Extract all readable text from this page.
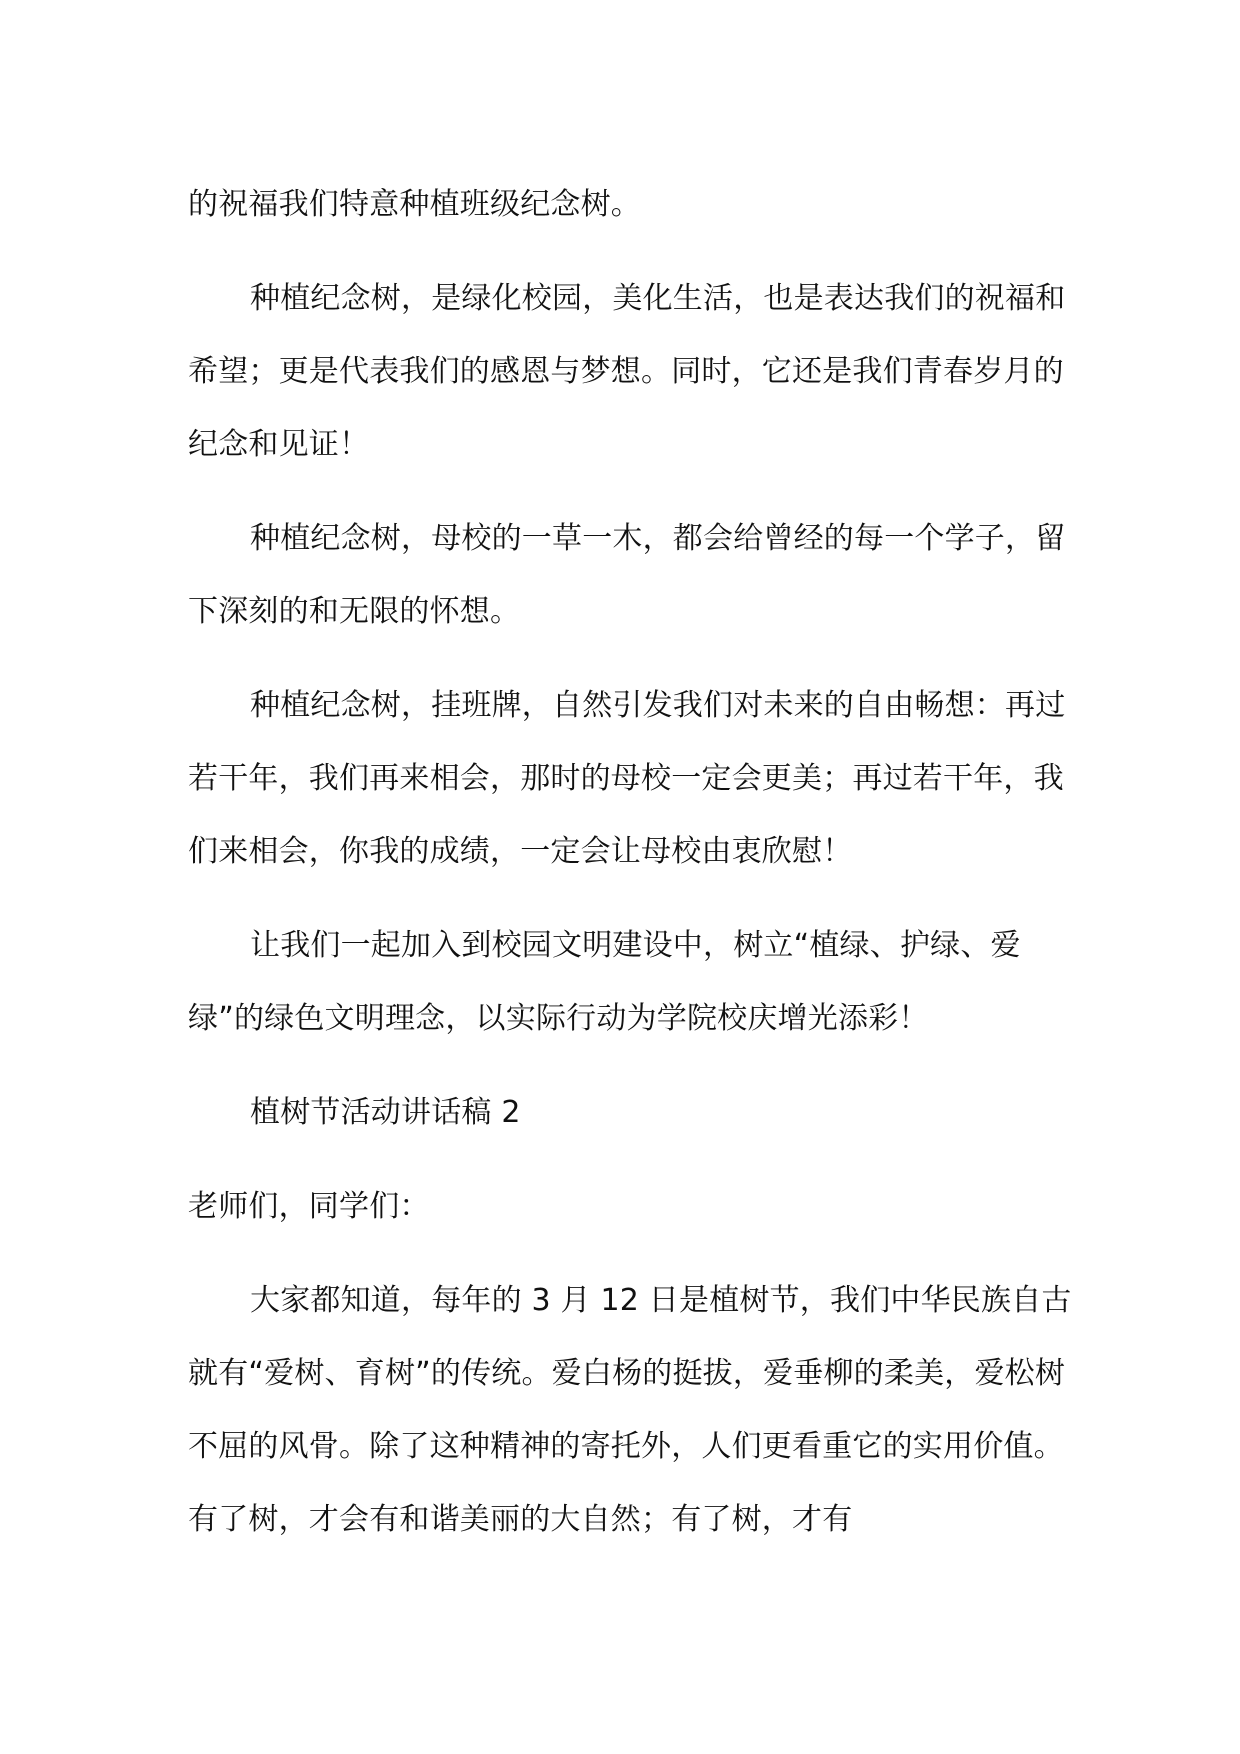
的祝福我们特意种植班级纪念树。

种植纪念树，是绿化校园，美化生活，也是表达我们的祝福和希望；更是代表我们的感恩与梦想。同时，它还是我们青春岁月的纪念和见证！

种植纪念树，母校的一草一木，都会给曾经的每一个学子，留下深刻的和无限的怀想。

种植纪念树，挂班牌，自然引发我们对未来的自由畅想：再过若干年，我们再来相会，那时的母校一定会更美；再过若干年，我们来相会，你我的成绩，一定会让母校由衷欣慰！

让我们一起加入到校园文明建设中，树立“植绿、护绿、爱绿”的绿色文明理念，以实际行动为学院校庆增光添彩！

植树节活动讲话稿 2

老师们，同学们：

大家都知道，每年的 3 月 12 日是植树节，我们中华民族自古就有“爱树、育树”的传统。爱白杨的挺拔，爱垂柳的柔美，爱松树不屈的风骨。除了这种精神的寄托外，人们更看重它的实用价值。有了树，才会有和谐美丽的大自然；有了树，才有
